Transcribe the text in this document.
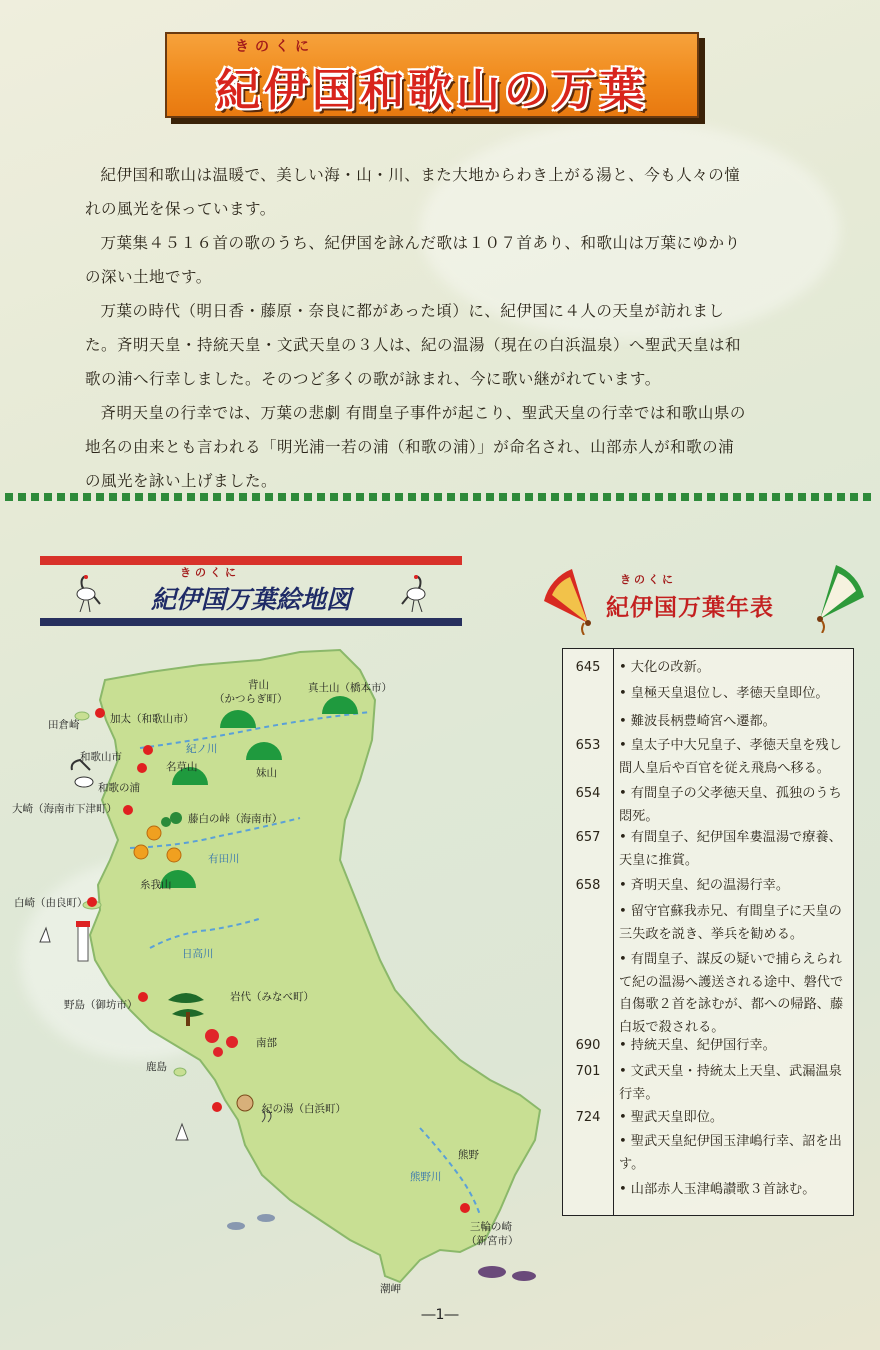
きのくに
紀伊国和歌山の万葉

紀伊国和歌山は温暖で、美しい海・山・川、また大地からわき上がる湯と、今も人々の憧れの風光を保っています。

万葉集４５１６首の歌のうち、紀伊国を詠んだ歌は１０７首あり、和歌山は万葉にゆかりの深い土地です。

万葉の時代（明日香・藤原・奈良に都があった頃）に、紀伊国に４人の天皇が訪れました。斉明天皇・持統天皇・文武天皇の３人は、紀の温湯（現在の白浜温泉）へ聖武天皇は和歌の浦へ行幸しました。そのつど多くの歌が詠まれ、今に歌い継がれています。

斉明天皇の行幸では、万葉の悲劇 有間皇子事件が起こり、聖武天皇の行幸では和歌山県の地名の由来とも言われる「明光浦一若の浦（和歌の浦）」が命名され、山部赤人が和歌の浦の風光を詠い上げました。

きのくに
紀伊国万葉絵地図
きのくに
紀伊国万葉年表
645	• 大化の改新。
• 皇極天皇退位し、孝徳天皇即位。
• 難波長柄豊崎宮へ遷都。
653	• 皇太子中大兄皇子、孝徳天皇を残し間人皇后や百官を従え飛鳥へ移る。
654	• 有間皇子の父孝徳天皇、孤独のうち悶死。
657	• 有間皇子、紀伊国牟婁温湯で療養、天皇に推賞。
658	• 斉明天皇、紀の温湯行幸。
• 留守官蘇我赤兄、有間皇子に天皇の三失政を説き、挙兵を勧める。
• 有間皇子、謀反の疑いで捕らえられて紀の温湯へ護送される途中、磐代で自傷歌２首を詠むが、都への帰路、藤白坂で殺される。
690	• 持統天皇、紀伊国行幸。
701	• 文武天皇・持統太上天皇、武漏温泉行幸。
724	• 聖武天皇即位。
• 聖武天皇紀伊国玉津嶋行幸、詔を出す。
• 山部赤人玉津嶋讃歌３首詠む。
背山
（かつらぎ町）
真土山（橋本市）
田倉崎	加太（和歌山市）
和歌山市
和歌の浦
紀ノ川
名草山	妹山
大崎（海南市下津町）
藤白の峠（海南市）
有田川
糸我山
白崎（由良町）
日高川
野島（御坊市）
岩代（みなべ町）
南部
鹿島
紀の湯（白浜町）
熊野
熊野川
三輪の崎
（新宮市）
潮岬
―1―
